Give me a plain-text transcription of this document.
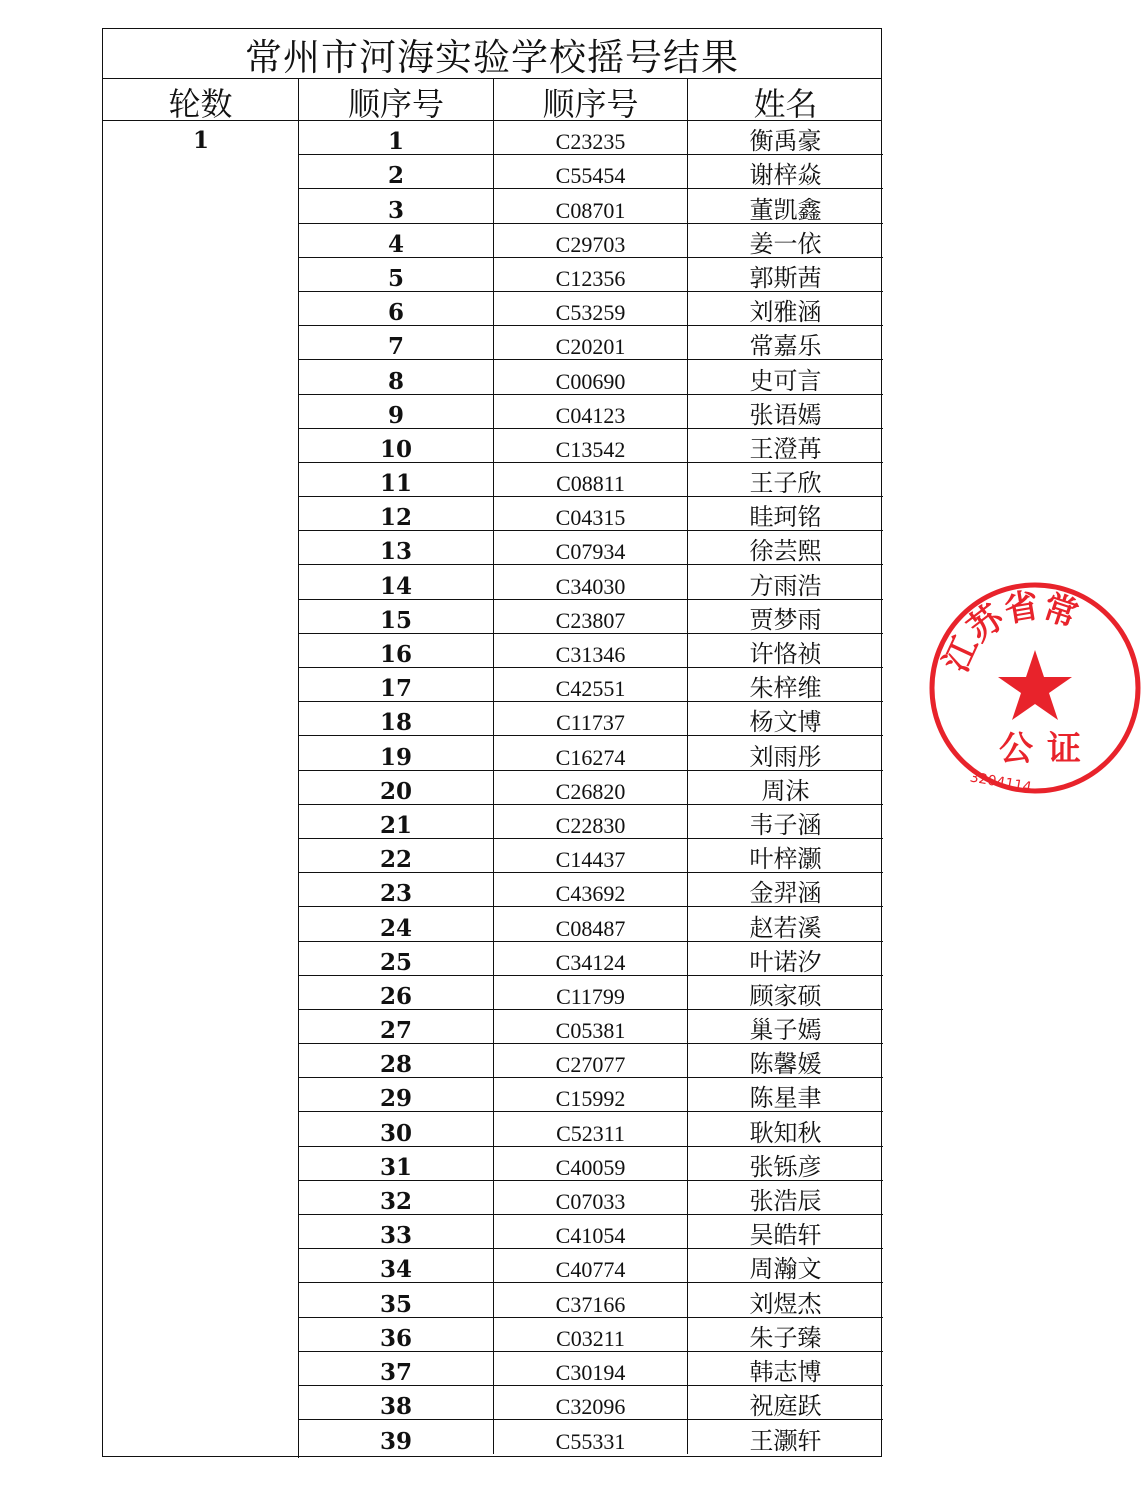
常州市河海实验学校摇号结果
轮数	顺序号	顺序号	姓名
1	1	C23235	衡禹豪
2	C55454	谢梓焱
3	C08701	董凯鑫
4	C29703	姜一依
5	C12356	郭斯茜
6	C53259	刘雅涵
7	C20201	常嘉乐
8	C00690	史可言
9	C04123	张语嫣
10	C13542	王澄苒
11	C08811	王子欣
12	C04315	眭珂铭
13	C07934	徐芸熙
14	C34030	方雨浩
15	C23807	贾梦雨
16	C31346	许恪祯
17	C42551	朱梓维
18	C11737	杨文博
19	C16274	刘雨彤
20	C26820	周沫
21	C22830	韦子涵
22	C14437	叶梓灏
23	C43692	金羿涵
24	C08487	赵若溪
25	C34124	叶诺汐
26	C11799	顾家硕
27	C05381	巢子嫣
28	C27077	陈馨媛
29	C15992	陈星聿
30	C52311	耿知秋
31	C40059	张铄彦
32	C07033	张浩辰
33	C41054	吴皓轩
34	C40774	周瀚文
35	C37166	刘煜杰
36	C03211	朱子臻
37	C30194	韩志博
38	C32096	祝庭跃
39	C55331	王灏轩
江苏省常
公证
3204114
